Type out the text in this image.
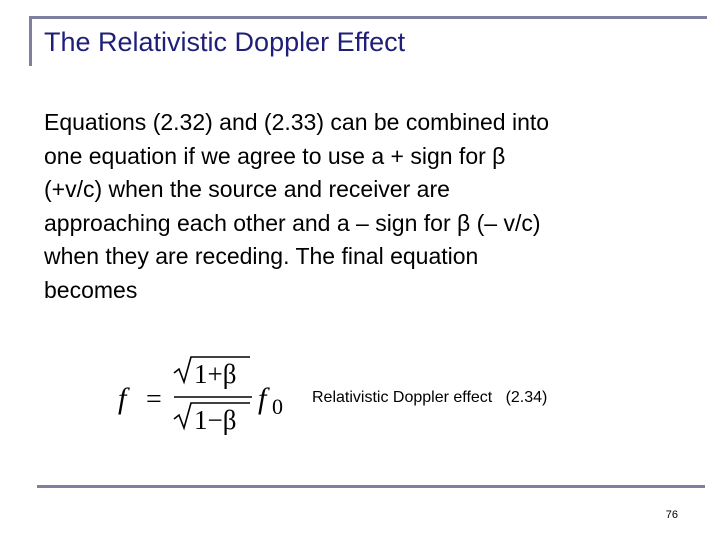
The Relativistic Doppler Effect
Equations (2.32) and (2.33) can be combined into
one equation if we agree to use a + sign for β
(+v/c) when the source and receiver are
approaching each other and a – sign for β (– v/c)
when they are receding. The final equation
becomes
f =
1+β
1−β
f 0 Relativistic Doppler effect   (2.34)
76
